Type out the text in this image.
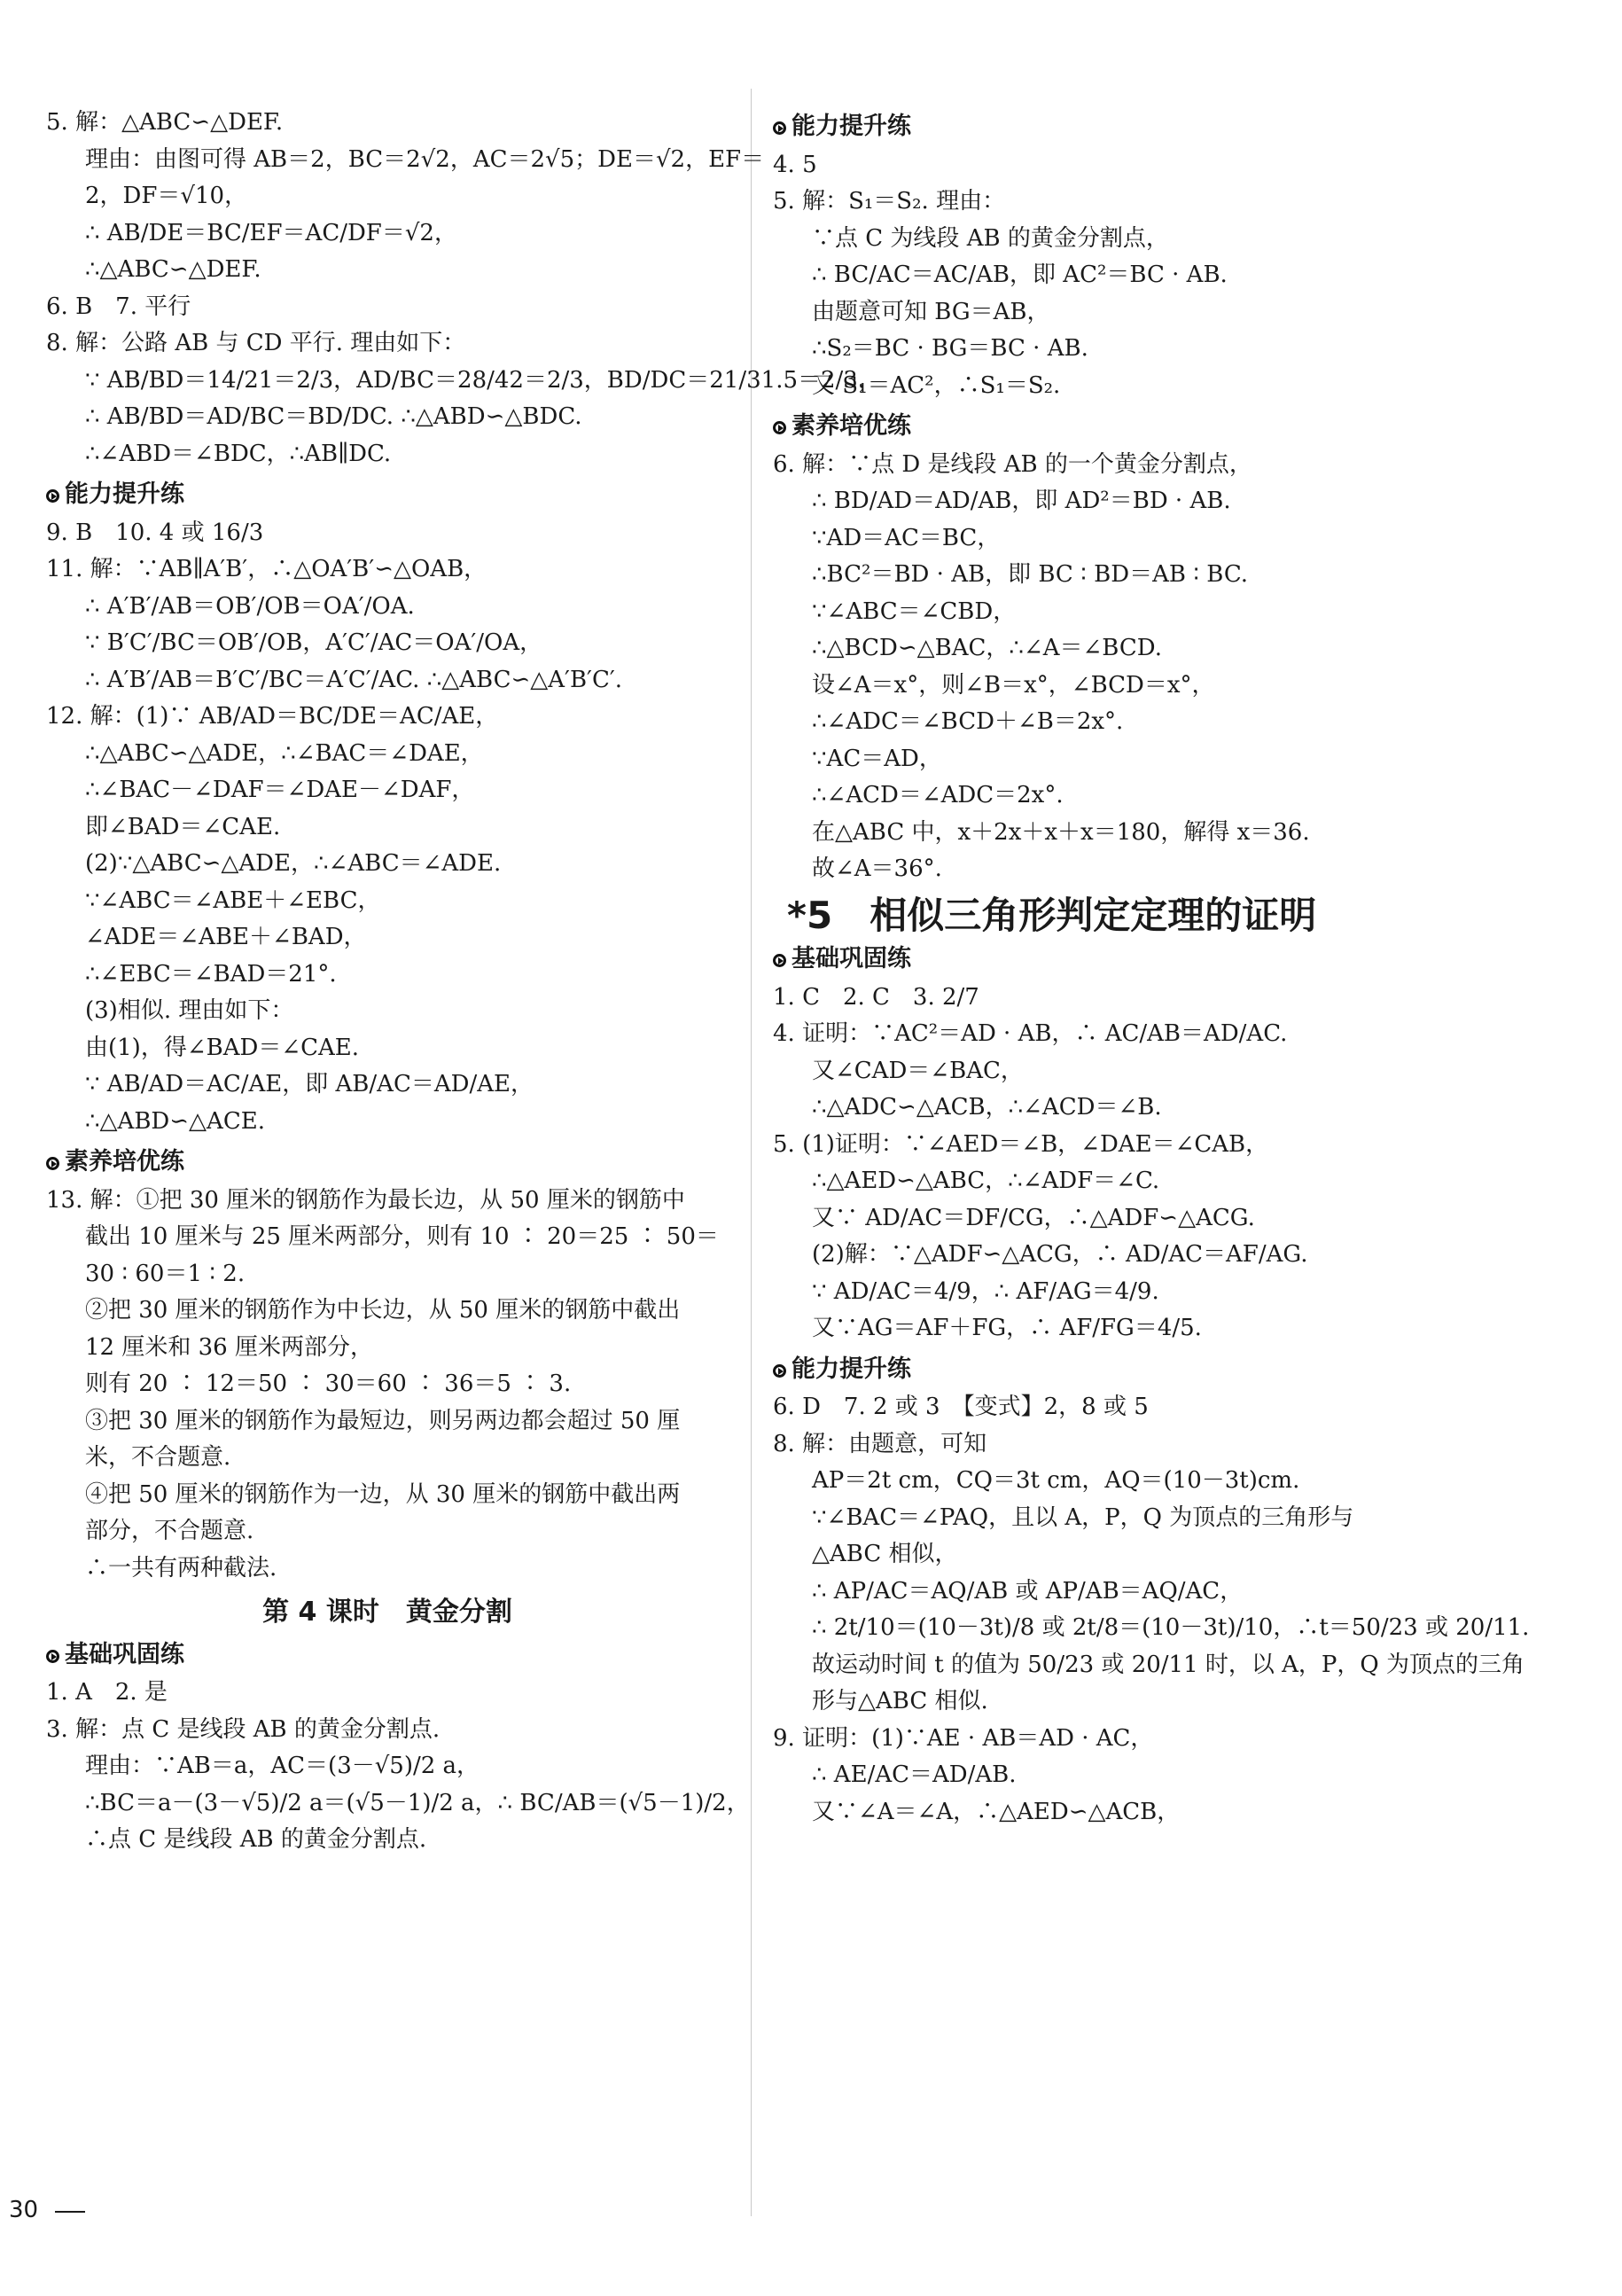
5. 解：△ABC∽△DEF.
理由：由图可得 AB＝2，BC＝2√2，AC＝2√5；DE＝√2，EF＝
2，DF＝√10，
∴ AB/DE＝BC/EF＝AC/DF＝√2，
∴△ABC∽△DEF.
6. B　7. 平行
8. 解：公路 AB 与 CD 平行. 理由如下：
∵ AB/BD＝14/21＝2/3，AD/BC＝28/42＝2/3，BD/DC＝21/31.5＝2/3，
∴ AB/BD＝AD/BC＝BD/DC. ∴△ABD∽△BDC.
∴∠ABD＝∠BDC，∴AB∥DC.
能力提升练
9. B　10. 4 或 16/3
11. 解：∵AB∥A′B′，∴△OA′B′∽△OAB，
∴ A′B′/AB＝OB′/OB＝OA′/OA.
∵ B′C′/BC＝OB′/OB，A′C′/AC＝OA′/OA，
∴ A′B′/AB＝B′C′/BC＝A′C′/AC. ∴△ABC∽△A′B′C′.
12. 解：(1)∵ AB/AD＝BC/DE＝AC/AE，
∴△ABC∽△ADE，∴∠BAC＝∠DAE，
∴∠BAC－∠DAF＝∠DAE－∠DAF，
即∠BAD＝∠CAE.
(2)∵△ABC∽△ADE，∴∠ABC＝∠ADE.
∵∠ABC＝∠ABE＋∠EBC，
∠ADE＝∠ABE＋∠BAD，
∴∠EBC＝∠BAD＝21°.
(3)相似. 理由如下：
由(1)，得∠BAD＝∠CAE.
∵ AB/AD＝AC/AE，即 AB/AC＝AD/AE，
∴△ABD∽△ACE.
素养培优练
13. 解：①把 30 厘米的钢筋作为最长边，从 50 厘米的钢筋中
截出 10 厘米与 25 厘米两部分，则有 10 ∶ 20＝25 ∶ 50＝
30 ∶ 60＝1 ∶ 2.
②把 30 厘米的钢筋作为中长边，从 50 厘米的钢筋中截出
12 厘米和 36 厘米两部分，
则有 20 ∶ 12＝50 ∶ 30＝60 ∶ 36＝5 ∶ 3.
③把 30 厘米的钢筋作为最短边，则另两边都会超过 50 厘
米，不合题意.
④把 50 厘米的钢筋作为一边，从 30 厘米的钢筋中截出两
部分，不合题意.
∴一共有两种截法.
第 4 课时　黄金分割
基础巩固练
1. A　2. 是
3. 解：点 C 是线段 AB 的黄金分割点.
理由：∵AB＝a，AC＝(3－√5)/2 a，
∴BC＝a－(3－√5)/2 a＝(√5－1)/2 a，∴ BC/AB＝(√5－1)/2，
∴点 C 是线段 AB 的黄金分割点.
能力提升练
4. 5
5. 解：S₁＝S₂. 理由：
∵点 C 为线段 AB 的黄金分割点，
∴ BC/AC＝AC/AB，即 AC²＝BC · AB.
由题意可知 BG＝AB，
∴S₂＝BC · BG＝BC · AB.
又 S₁＝AC²，∴S₁＝S₂.
素养培优练
6. 解：∵点 D 是线段 AB 的一个黄金分割点，
∴ BD/AD＝AD/AB，即 AD²＝BD · AB.
∵AD＝AC＝BC，
∴BC²＝BD · AB，即 BC ∶ BD＝AB ∶ BC.
∵∠ABC＝∠CBD，
∴△BCD∽△BAC，∴∠A＝∠BCD.
设∠A＝x°，则∠B＝x°，∠BCD＝x°，
∴∠ADC＝∠BCD＋∠B＝2x°.
∵AC＝AD，
∴∠ACD＝∠ADC＝2x°.
在△ABC 中，x＋2x＋x＋x＝180，解得 x＝36.
故∠A＝36°.
*5　相似三角形判定定理的证明
基础巩固练
1. C　2. C　3. 2/7
4. 证明：∵AC²＝AD · AB，∴ AC/AB＝AD/AC.
又∠CAD＝∠BAC，
∴△ADC∽△ACB，∴∠ACD＝∠B.
5. (1)证明：∵∠AED＝∠B，∠DAE＝∠CAB，
∴△AED∽△ABC，∴∠ADF＝∠C.
又∵ AD/AC＝DF/CG，∴△ADF∽△ACG.
(2)解：∵△ADF∽△ACG，∴ AD/AC＝AF/AG.
∵ AD/AC＝4/9，∴ AF/AG＝4/9.
又∵AG＝AF＋FG，∴ AF/FG＝4/5.
能力提升练
6. D　7. 2 或 3　【变式】2，8 或 5
8. 解：由题意，可知
AP＝2t cm，CQ＝3t cm，AQ＝(10－3t)cm.
∵∠BAC＝∠PAQ，且以 A，P，Q 为顶点的三角形与
△ABC 相似，
∴ AP/AC＝AQ/AB 或 AP/AB＝AQ/AC，
∴ 2t/10＝(10－3t)/8 或 2t/8＝(10－3t)/10，∴t＝50/23 或 20/11.
故运动时间 t 的值为 50/23 或 20/11 时，以 A，P，Q 为顶点的三角
形与△ABC 相似.
9. 证明：(1)∵AE · AB＝AD · AC，
∴ AE/AC＝AD/AB.
又∵∠A＝∠A，∴△AED∽△ACB，
30
